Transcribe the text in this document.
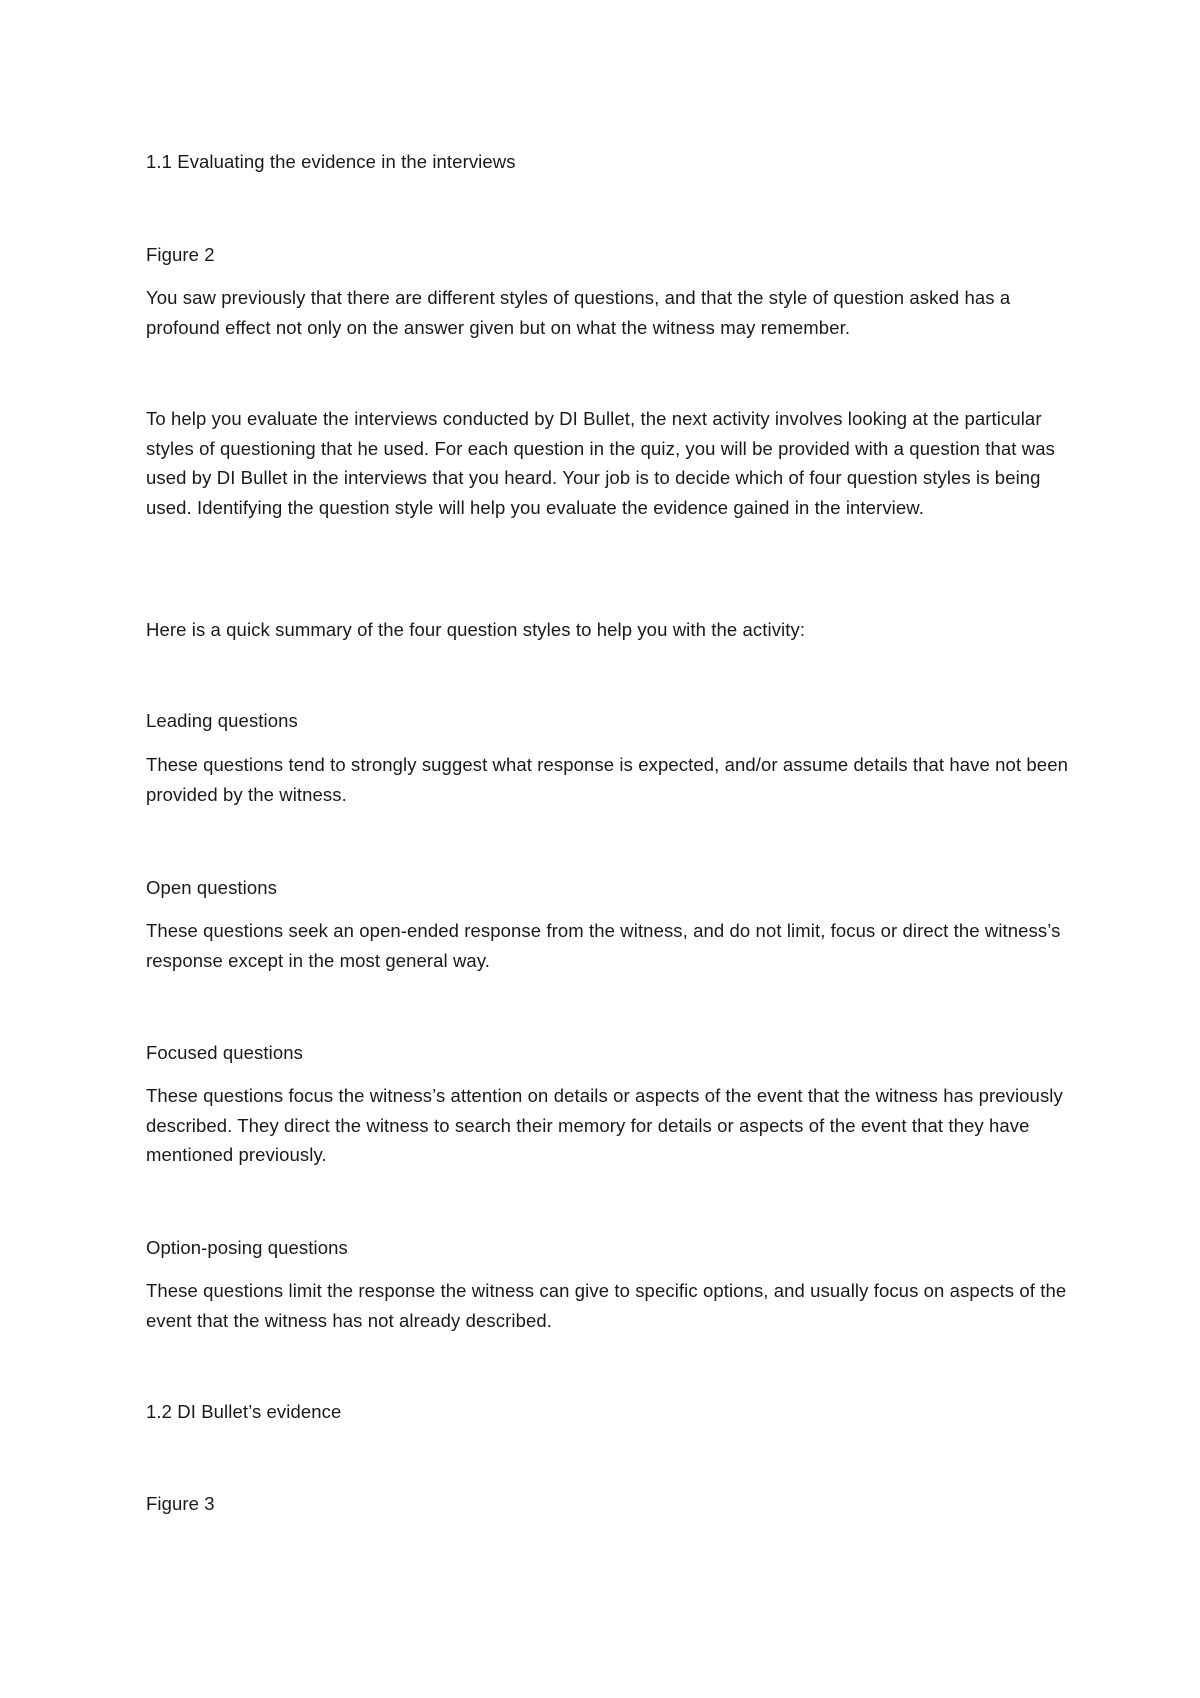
1.1 Evaluating the evidence in the interviews

Figure 2

You saw previously that there are different styles of questions, and that the style of question asked has a profound effect not only on the answer given but on what the witness may remember.

To help you evaluate the interviews conducted by DI Bullet, the next activity involves looking at the particular styles of questioning that he used. For each question in the quiz, you will be provided with a question that was used by DI Bullet in the interviews that you heard. Your job is to decide which of four question styles is being used. Identifying the question style will help you evaluate the evidence gained in the interview.

Here is a quick summary of the four question styles to help you with the activity:

Leading questions

These questions tend to strongly suggest what response is expected, and/or assume details that have not been provided by the witness.

Open questions

These questions seek an open-ended response from the witness, and do not limit, focus or direct the witness’s response except in the most general way.

Focused questions

These questions focus the witness’s attention on details or aspects of the event that the witness has previously described. They direct the witness to search their memory for details or aspects of the event that they have mentioned previously.

Option-posing questions

These questions limit the response the witness can give to specific options, and usually focus on aspects of the event that the witness has not already described.

1.2 DI Bullet’s evidence

Figure 3
